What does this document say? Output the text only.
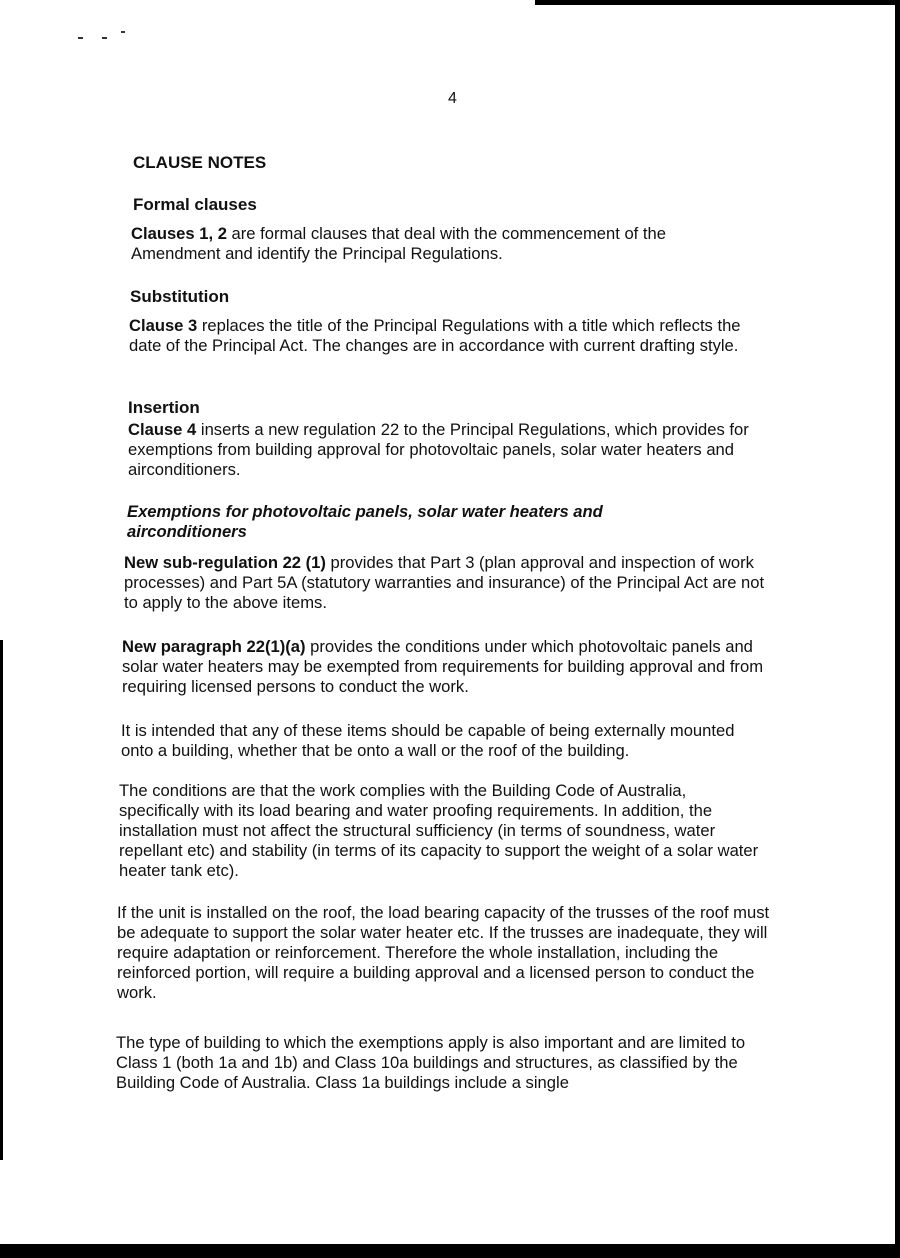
4
CLAUSE NOTES
Formal clauses

Clauses 1, 2 are formal clauses that deal with the commencement of the Amendment and identify the Principal Regulations.

Substitution

Clause 3 replaces the title of the Principal Regulations with a title which reflects the date of the Principal Act. The changes are in accordance with current drafting style.

Insertion

Clause 4 inserts a new regulation 22 to the Principal Regulations, which provides for exemptions from building approval for photovoltaic panels, solar water heaters and airconditioners.

Exemptions for photovoltaic panels, solar water heaters and airconditioners

New sub-regulation 22 (1) provides that Part 3 (plan approval and inspection of work processes) and Part 5A (statutory warranties and insurance) of the Principal Act are not to apply to the above items.

New paragraph 22(1)(a) provides the conditions under which photovoltaic panels and solar water heaters may be exempted from requirements for building approval and from requiring licensed persons to conduct the work.

It is intended that any of these items should be capable of being externally mounted onto a building, whether that be onto a wall or the roof of the building.

The conditions are that the work complies with the Building Code of Australia, specifically with its load bearing and water proofing requirements. In addition, the installation must not affect the structural sufficiency (in terms of soundness, water repellant etc) and stability (in terms of its capacity to support the weight of a solar water heater tank etc).

If the unit is installed on the roof, the load bearing capacity of the trusses of the roof must be adequate to support the solar water heater etc. If the trusses are inadequate, they will require adaptation or reinforcement. Therefore the whole installation, including the reinforced portion, will require a building approval and a licensed person to conduct the work.

The type of building to which the exemptions apply is also important and are limited to Class 1 (both 1a and 1b) and Class 10a buildings and structures, as classified by the Building Code of Australia. Class 1a buildings include a single
